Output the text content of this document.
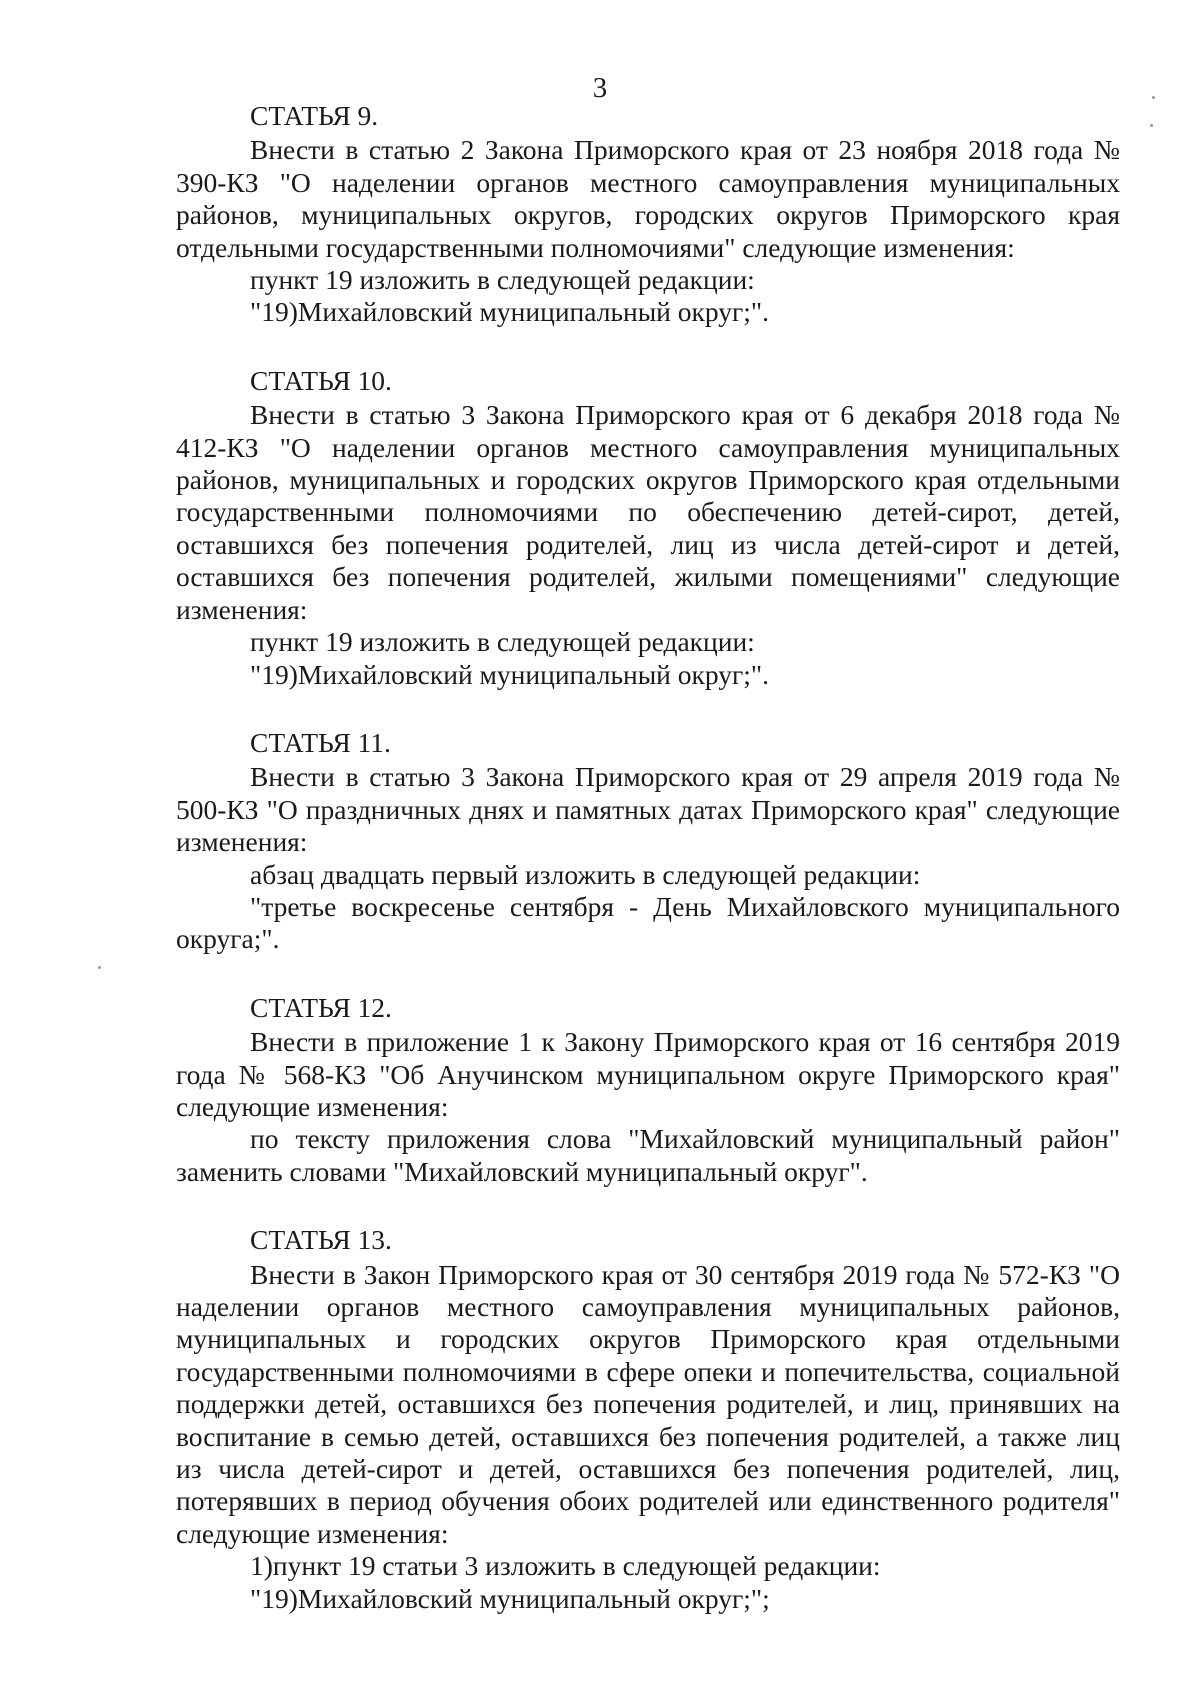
3
СТАТЬЯ 9.

Внести в статью 2 Закона Приморского края от 23 ноября 2018 года № 390-КЗ "О наделении органов местного самоуправления муниципальных районов, муниципальных округов, городских округов Приморского края отдельными государственными полномочиями" следующие изменения:

пункт 19 изложить в следующей редакции:

"19)Михайловский муниципальный округ;".

СТАТЬЯ 10.

Внести в статью 3 Закона Приморского края от 6 декабря 2018 года № 412-КЗ "О наделении органов местного самоуправления муниципальных районов, муниципальных и городских округов Приморского края отдельными государственными полномочиями по обеспечению детей-сирот, детей, оставшихся без попечения родителей, лиц из числа детей-сирот и детей, оставшихся без попечения родителей, жилыми помещениями" следующие изменения:

пункт 19 изложить в следующей редакции:

"19)Михайловский муниципальный округ;".

СТАТЬЯ 11.

Внести в статью 3 Закона Приморского края от 29 апреля 2019 года № 500-КЗ "О праздничных днях и памятных датах Приморского края" следующие изменения:

абзац двадцать первый изложить в следующей редакции:

"третье воскресенье сентября - День Михайловского муниципального округа;".

СТАТЬЯ 12.

Внести в приложение 1 к Закону Приморского края от 16 сентября 2019 года № 568-КЗ "Об Анучинском муниципальном округе Приморского края" следующие изменения:

по тексту приложения слова "Михайловский муниципальный район" заменить словами "Михайловский муниципальный округ".

СТАТЬЯ 13.

Внести в Закон Приморского края от 30 сентября 2019 года № 572-КЗ "О наделении органов местного самоуправления муниципальных районов, муниципальных и городских округов Приморского края отдельными государственными полномочиями в сфере опеки и попечительства, социальной поддержки детей, оставшихся без попечения родителей, и лиц, принявших на воспитание в семью детей, оставшихся без попечения родителей, а также лиц из числа детей-сирот и детей, оставшихся без попечения родителей, лиц, потерявших в период обучения обоих родителей или единственного родителя" следующие изменения:

1)пункт 19 статьи 3 изложить в следующей редакции:

"19)Михайловский муниципальный округ;";
